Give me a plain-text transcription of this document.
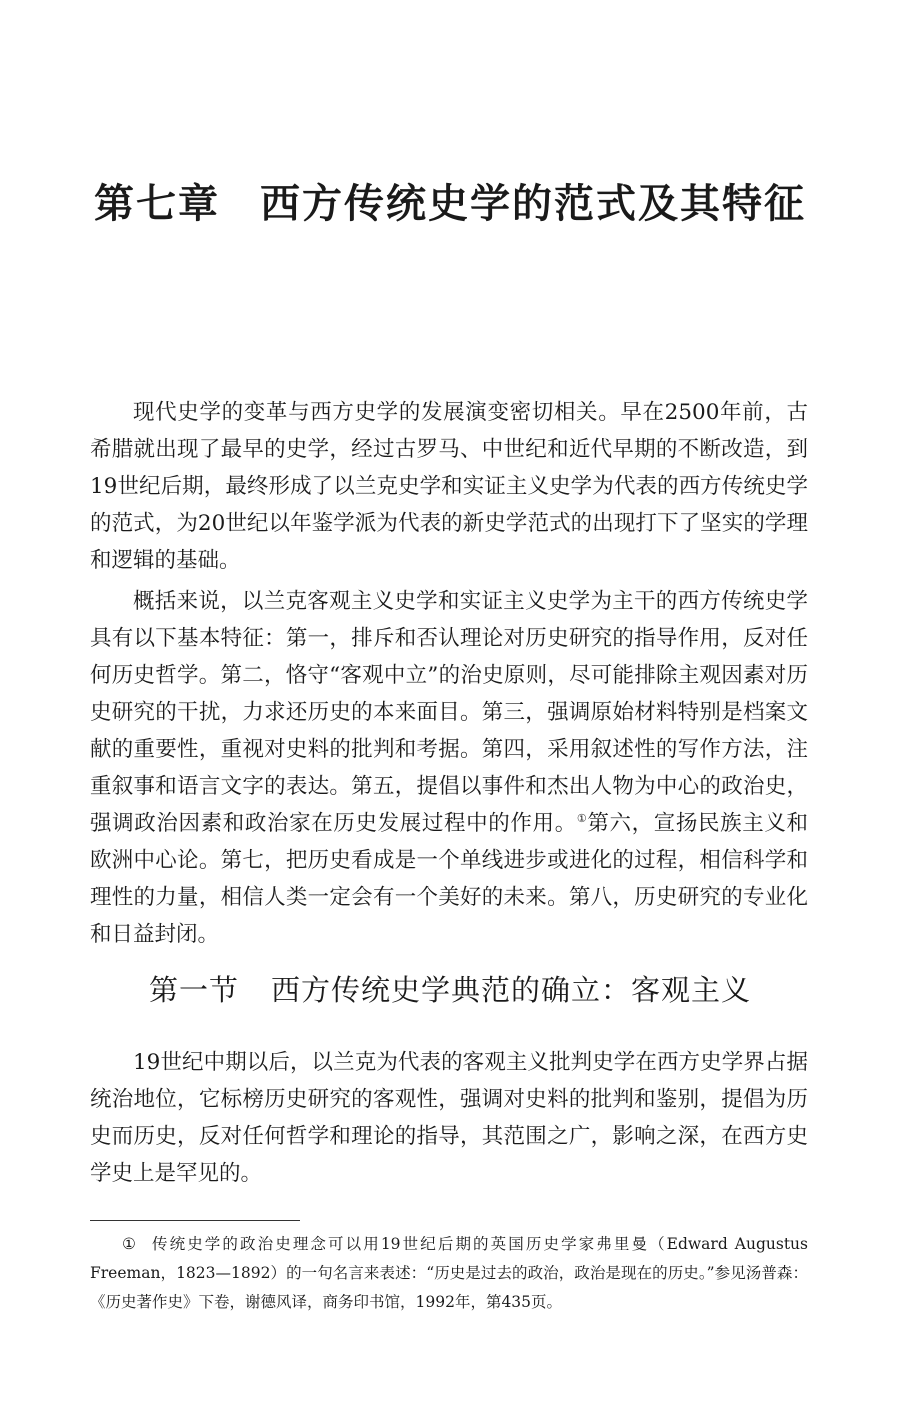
第七章 西方传统史学的范式及其特征

现代史学的变革与西方史学的发展演变密切相关。早在2500年前，古希腊就出现了最早的史学，经过古罗马、中世纪和近代早期的不断改造，到19世纪后期，最终形成了以兰克史学和实证主义史学为代表的西方传统史学的范式，为20世纪以年鉴学派为代表的新史学范式的出现打下了坚实的学理和逻辑的基础。

概括来说，以兰克客观主义史学和实证主义史学为主干的西方传统史学具有以下基本特征：第一，排斥和否认理论对历史研究的指导作用，反对任何历史哲学。第二，恪守“客观中立”的治史原则，尽可能排除主观因素对历史研究的干扰，力求还历史的本来面目。第三，强调原始材料特别是档案文献的重要性，重视对史料的批判和考据。第四，采用叙述性的写作方法，注重叙事和语言文字的表达。第五，提倡以事件和杰出人物为中心的政治史，强调政治因素和政治家在历史发展过程中的作用。①第六，宣扬民族主义和欧洲中心论。第七，把历史看成是一个单线进步或进化的过程，相信科学和理性的力量，相信人类一定会有一个美好的未来。第八，历史研究的专业化和日益封闭。

第一节 西方传统史学典范的确立：客观主义

19世纪中期以后，以兰克为代表的客观主义批判史学在西方史学界占据统治地位，它标榜历史研究的客观性，强调对史料的批判和鉴别，提倡为历史而历史，反对任何哲学和理论的指导，其范围之广，影响之深，在西方史学史上是罕见的。

① 传统史学的政治史理念可以用19世纪后期的英国历史学家弗里曼（Edward Augustus Freeman，1823—1892）的一句名言来表述：“历史是过去的政治，政治是现在的历史。”参见汤普森：《历史著作史》下卷，谢德风译，商务印书馆，1992年，第435页。
